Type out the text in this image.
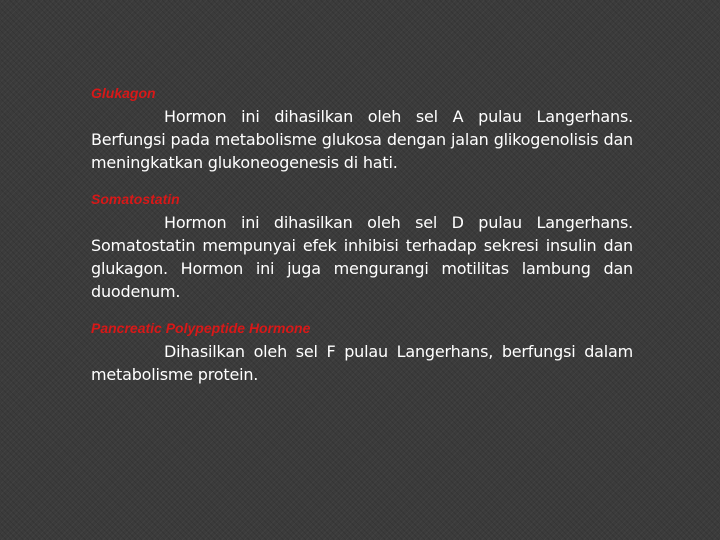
Glukagon

Hormon ini dihasilkan oleh sel A pulau Langerhans. Berfungsi pada metabolisme glukosa dengan jalan glikogenolisis dan meningkatkan glukoneogenesis di hati.

Somatostatin

Hormon ini dihasilkan oleh sel D pulau Langerhans. Somatostatin mempunyai efek inhibisi terhadap sekresi insulin dan glukagon. Hormon ini juga mengurangi motilitas lambung dan duodenum.

Pancreatic Polypeptide Hormone

Dihasilkan oleh sel F pulau Langerhans, berfungsi dalam metabolisme protein.
